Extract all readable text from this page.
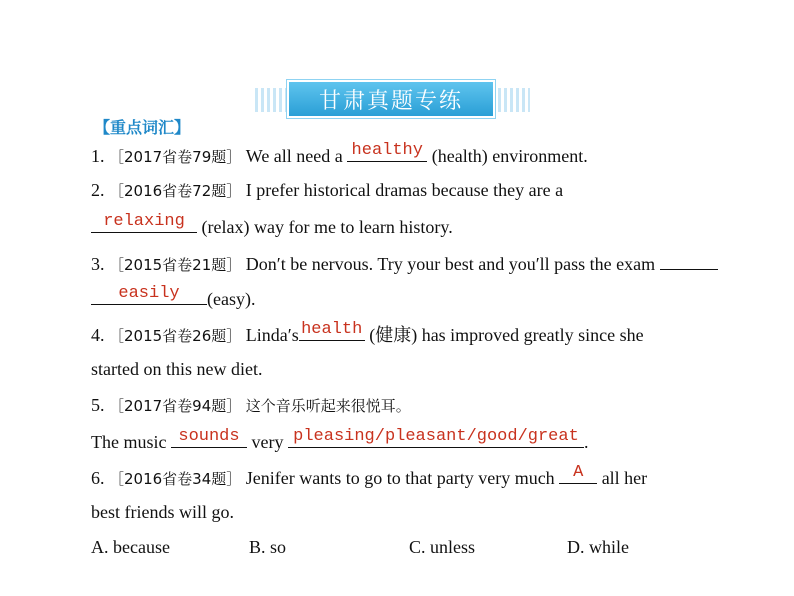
甘肃真题专练
【重点词汇】
1. ［2017省卷79题］ We all need a healthy (health) environment.
2. ［2016省卷72题］ I prefer historical dramas because they are a
relaxing (relax) way for me to learn history.
3. ［2015省卷21题］ Don′t be nervous. Try your best and you′ll pass the exam
easily	(easy).
4. ［2015省卷26题］ Linda′s health (健康) has improved greatly since she
started on this new diet.
5. ［2017省卷94题］ 这个音乐听起来很悦耳。
The music sounds very pleasing/pleasant/good/great .
6. ［2016省卷34题］ Jenifer wants to go to that party very much	A	all her
best friends will go.
A. because	B. so	C. unless	D. while
